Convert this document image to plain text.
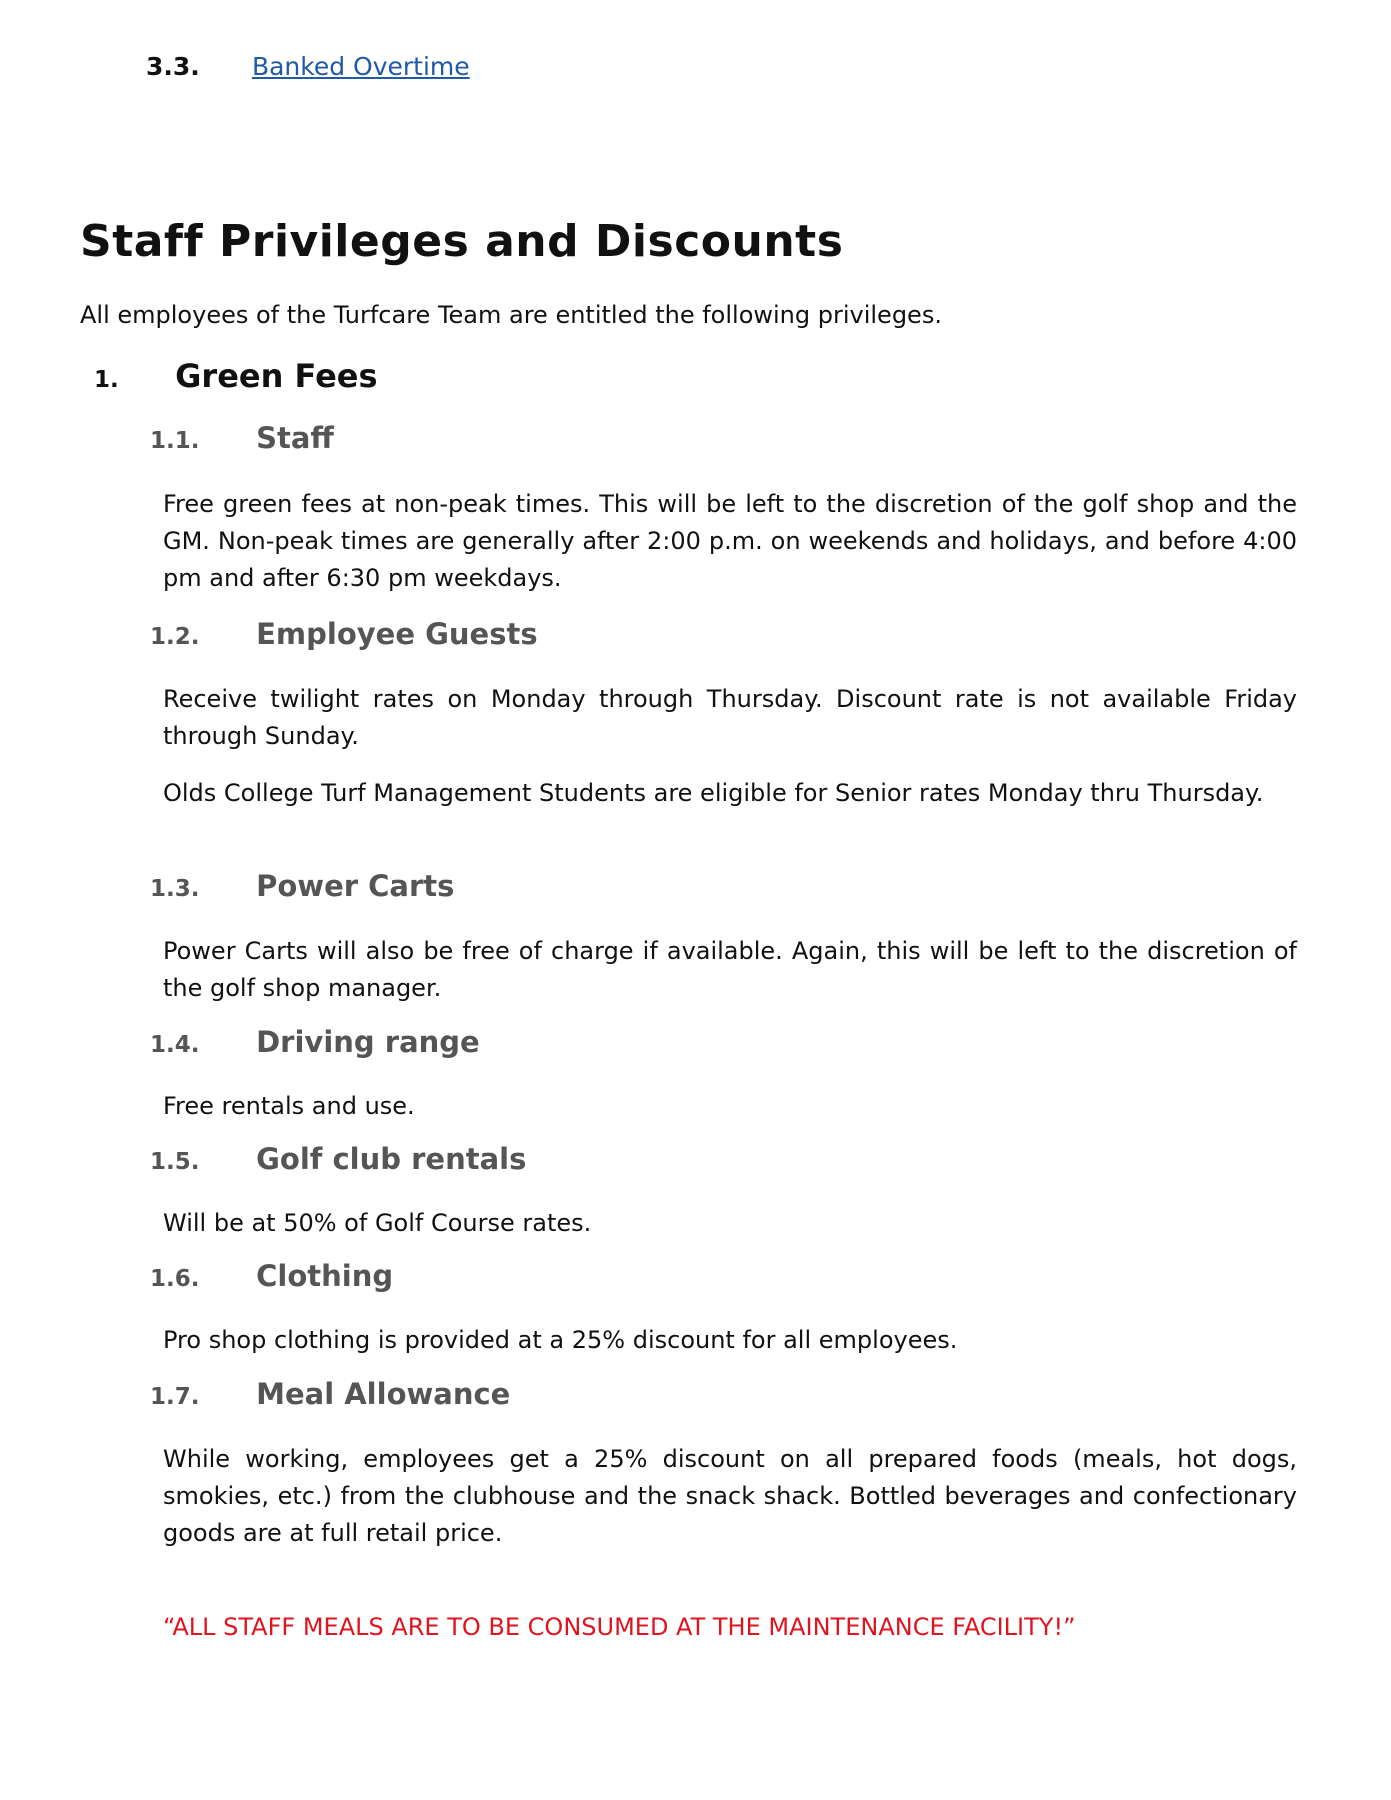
3.3. Banked Overtime
Staff Privileges and Discounts

All employees of the Turfcare Team are entitled the following privileges.

1. Green Fees
1.1. Staff

Free green fees at non-peak times. This will be left to the discretion of the golf shop and the GM. Non-peak times are generally after 2:00 p.m. on weekends and holidays, and before 4:00 pm and after 6:30 pm weekdays.

1.2. Employee Guests

Receive twilight rates on Monday through Thursday. Discount rate is not available Friday through Sunday.

Olds College Turf Management Students are eligible for Senior rates Monday thru Thursday.

1.3. Power Carts

Power Carts will also be free of charge if available. Again, this will be left to the discretion of the golf shop manager.

1.4. Driving range

Free rentals and use.

1.5. Golf club rentals

Will be at 50% of Golf Course rates.

1.6. Clothing

Pro shop clothing is provided at a 25% discount for all employees.

1.7. Meal Allowance

While working, employees get a 25% discount on all prepared foods (meals, hot dogs, smokies, etc.) from the clubhouse and the snack shack. Bottled beverages and confectionary goods are at full retail price.

“ALL STAFF MEALS ARE TO BE CONSUMED AT THE MAINTENANCE FACILITY!”
